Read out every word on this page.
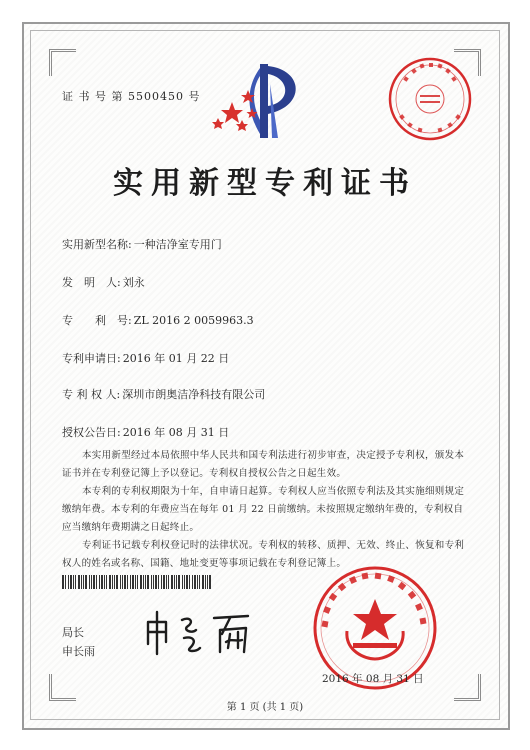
证 书 号 第 5500450 号
实用新型专利证书
实用新型名称: 一种洁净室专用门
发　明　人: 刘永
专　　利　号: ZL 2016 2 0059963.3
专利申请日: 2016 年 01 月 22 日
专 利 权 人: 深圳市朗奥洁净科技有限公司
授权公告日: 2016 年 08 月 31 日
本实用新型经过本局依照中华人民共和国专利法进行初步审查，决定授予专利权，颁发本证书并在专利登记簿上予以登记。专利权自授权公告之日起生效。
本专利的专利权期限为十年，自申请日起算。专利权人应当依照专利法及其实施细则规定缴纳年费。本专利的年费应当在每年 01 月 22 日前缴纳。未按照规定缴纳年费的，专利权自应当缴纳年费期满之日起终止。
专利证书记载专利权登记时的法律状况。专利权的转移、质押、无效、终止、恢复和专利权人的姓名或名称、国籍、地址变更等事项记载在专利登记簿上。
局长
申长雨
2016 年 08 月 31 日
第 1 页 (共 1 页)
